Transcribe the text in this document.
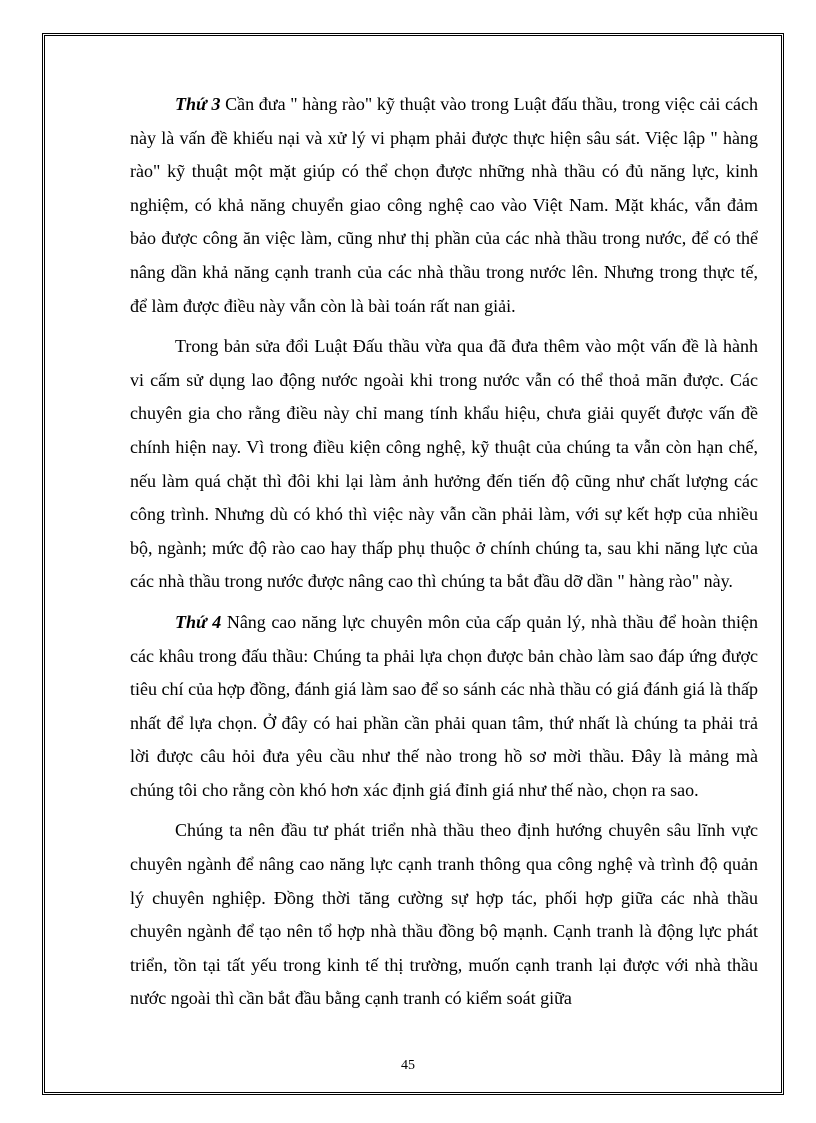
Thứ 3 Cần đưa " hàng rào" kỹ thuật vào trong Luật đấu thầu, trong việc cải cách này là vấn đề khiếu nại và xử lý vi phạm phải được thực hiện sâu sát. Việc lập " hàng rào" kỹ thuật một mặt giúp có thể chọn được những nhà thầu có đủ năng lực, kinh nghiệm, có khả năng chuyển giao công nghệ cao vào Việt Nam. Mặt khác, vẫn đảm bảo được công ăn việc làm, cũng như thị phần của các nhà thầu trong nước, để có thể nâng dần khả năng cạnh tranh của các nhà thầu trong nước lên. Nhưng trong thực tế, để làm được điều này vẫn còn là bài toán rất nan giải.

Trong bản sửa đổi Luật Đấu thầu vừa qua đã đưa thêm vào một vấn đề là hành vi cấm sử dụng lao động nước ngoài khi trong nước vẫn có thể thoả mãn được. Các chuyên gia cho rằng điều này chỉ mang tính khẩu hiệu, chưa giải quyết được vấn đề chính hiện nay. Vì trong điều kiện công nghệ, kỹ thuật của chúng ta vẫn còn hạn chế, nếu làm quá chặt thì đôi khi lại làm ảnh hưởng đến tiến độ cũng như chất lượng các công trình. Nhưng dù có khó thì việc này vẫn cần phải làm, với sự kết hợp của nhiều bộ, ngành; mức độ rào cao hay thấp phụ thuộc ở chính chúng ta, sau khi năng lực của các nhà thầu trong nước được nâng cao thì chúng ta bắt đầu dỡ dần " hàng rào" này.

Thứ 4 Nâng cao năng lực chuyên môn của cấp quản lý, nhà thầu để hoàn thiện các khâu trong đấu thầu: Chúng ta phải lựa chọn được bản chào làm sao đáp ứng được tiêu chí của hợp đồng, đánh giá làm sao để so sánh các nhà thầu có giá đánh giá là thấp nhất để lựa chọn. Ở đây có hai phần cần phải quan tâm, thứ nhất là chúng ta phải trả lời được câu hỏi đưa yêu cầu như thế nào trong hồ sơ mời thầu. Đây là mảng mà chúng tôi cho rằng còn khó hơn xác định giá đỉnh giá như thế nào, chọn ra sao.

Chúng ta nên đầu tư phát triển nhà thầu theo định hướng chuyên sâu lĩnh vực chuyên ngành để nâng cao năng lực cạnh tranh thông qua công nghệ và trình độ quản lý chuyên nghiệp. Đồng thời tăng cường sự hợp tác, phối hợp giữa các nhà thầu chuyên ngành để tạo nên tổ hợp nhà thầu đồng bộ mạnh. Cạnh tranh là động lực phát triển, tồn tại tất yếu trong kinh tế thị trường, muốn cạnh tranh lại được với nhà thầu nước ngoài thì cần bắt đầu bằng cạnh tranh có kiểm soát giữa

45
